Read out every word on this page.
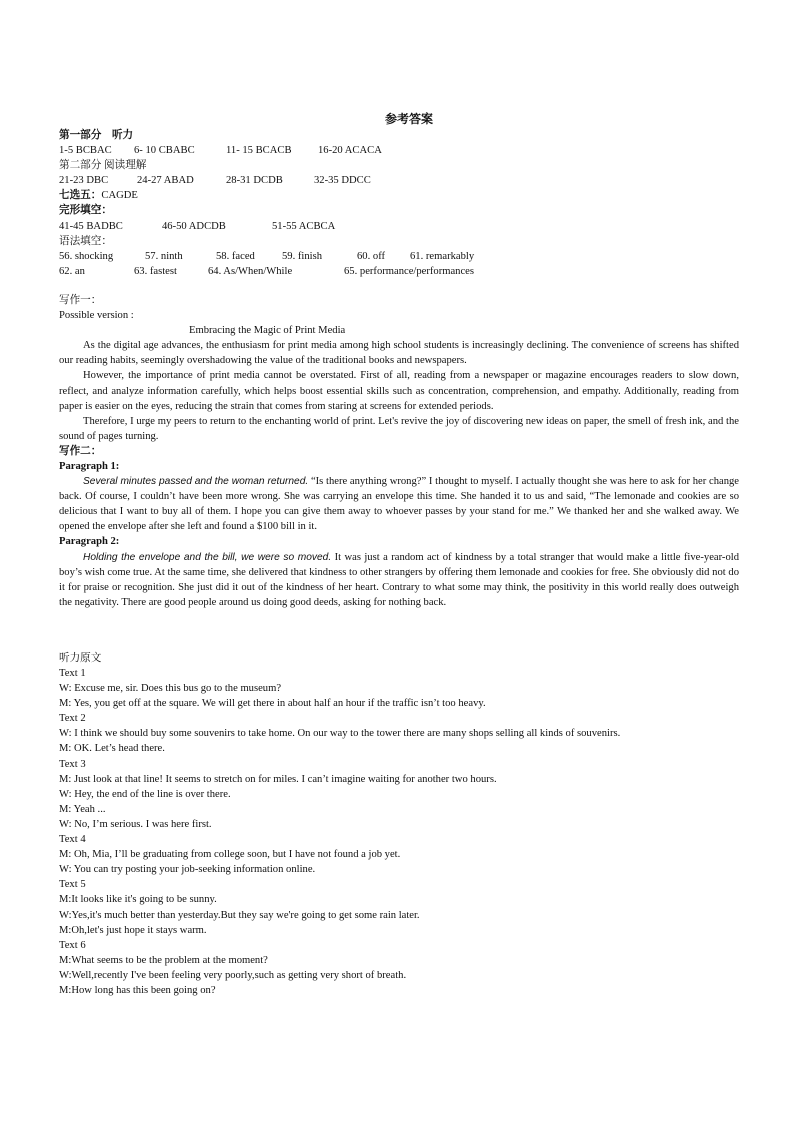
参考答案
第一部分　听力
1-5 BCBAC 6- 10 CBABC	11- 15 BCACB 16-20 ACACA
第二部分 阅读理解
21-23 DBC	24-27 ABAD	28-31 DCDB	32-35 DDCC
七选五：CAGDE
完形填空：
41-45 BADBC	46-50 ADCDB	51-55 ACBCA
语法填空：
56. shocking	57. ninth	58. faced	59. finish	60. off 61. remarkably
62. an	63. fastest	64. As/When/While	65. performance/performances
写作一：
Possible version :
Embracing the Magic of Print Media
As the digital age advances, the enthusiasm for print media among high school students is increasingly declining. The convenience of screens has shifted our reading habits, seemingly overshadowing the value of the traditional books and newspapers.
However, the importance of print media cannot be overstated. First of all, reading from a newspaper or magazine encourages readers to slow down, reflect, and analyze information carefully, which helps boost essential skills such as concentration, comprehension, and empathy. Additionally, reading from paper is easier on the eyes, reducing the strain that comes from staring at screens for extended periods.
Therefore, I urge my peers to return to the enchanting world of print. Let's revive the joy of discovering new ideas on paper, the smell of fresh ink, and the sound of pages turning.
写作二：
Paragraph 1:
Several minutes passed and the woman returned. “Is there anything wrong?” I thought to myself. I actually thought she was here to ask for her change back. Of course, I couldn’t have been more wrong. She was carrying an envelope this time. She handed it to us and said, “The lemonade and cookies are so delicious that I want to buy all of them. I hope you can give them away to whoever passes by your stand for me.” We thanked her and she walked away. We opened the envelope after she left and found a $100 bill in it.
Paragraph 2:
Holding the envelope and the bill, we were so moved. It was just a random act of kindness by a total stranger that would make a little five-year-old boy’s wish come true. At the same time, she delivered that kindness to other strangers by offering them lemonade and cookies for free. She obviously did not do it for praise or recognition. She just did it out of the kindness of her heart. Contrary to what some may think, the positivity in this world really does outweigh the negativity. There are good people around us doing good deeds, asking for nothing back.
听力原文
Text 1
W: Excuse me, sir. Does this bus go to the museum?
M: Yes, you get off at the square. We will get there in about half an hour if the traffic isn’t too heavy.
Text 2
W: I think we should buy some souvenirs to take home. On our way to the tower there are many shops selling all kinds of souvenirs.
M: OK. Let’s head there.
Text 3
M: Just look at that line! It seems to stretch on for miles. I can’t imagine waiting for another two hours.
W: Hey, the end of the line is over there.
M: Yeah ...
W: No, I’m serious. I was here first.
Text 4
M: Oh, Mia, I’ll be graduating from college soon, but I have not found a job yet.
W: You can try posting your job-seeking information online.
Text 5
M:It looks like it's going to be sunny.
W:Yes,it's much better than yesterday.But they say we're going to get some rain later.
M:Oh,let's just hope it stays warm.
Text 6
M:What seems to be the problem at the moment?
W:Well,recently I've been feeling very poorly,such as getting very short of breath.
M:How long has this been going on?
